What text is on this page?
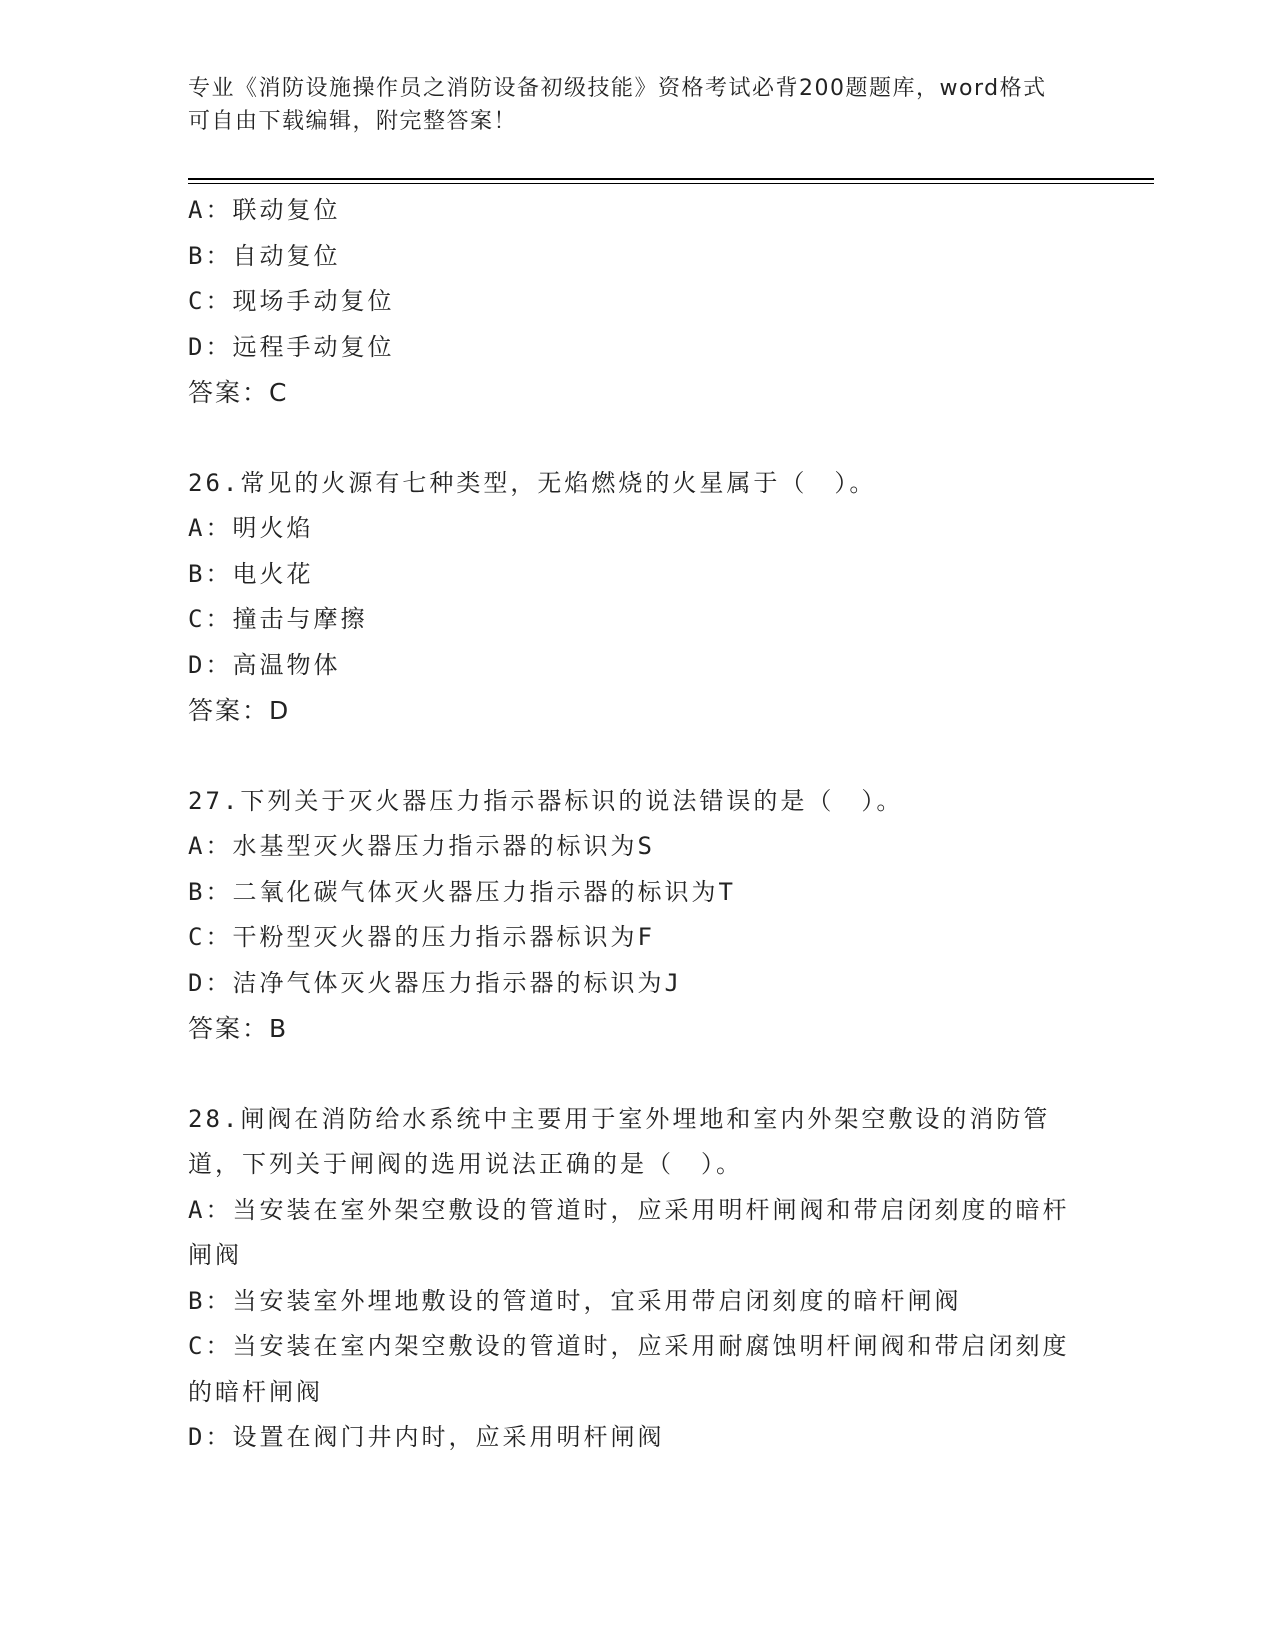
专业《消防设施操作员之消防设备初级技能》资格考试必背200题题库，word格式可自由下载编辑，附完整答案！
A：联动复位
B：自动复位
C：现场手动复位
D：远程手动复位
答案：C
26.常见的火源有七种类型，无焰燃烧的火星属于（　）。
A：明火焰
B：电火花
C：撞击与摩擦
D：高温物体
答案：D
27.下列关于灭火器压力指示器标识的说法错误的是（　）。
A：水基型灭火器压力指示器的标识为S
B：二氧化碳气体灭火器压力指示器的标识为T
C：干粉型灭火器的压力指示器标识为F
D：洁净气体灭火器压力指示器的标识为J
答案：B
28.闸阀在消防给水系统中主要用于室外埋地和室内外架空敷设的消防管道，下列关于闸阀的选用说法正确的是（　）。
A：当安装在室外架空敷设的管道时，应采用明杆闸阀和带启闭刻度的暗杆闸阀
B：当安装室外埋地敷设的管道时，宜采用带启闭刻度的暗杆闸阀
C：当安装在室内架空敷设的管道时，应采用耐腐蚀明杆闸阀和带启闭刻度的暗杆闸阀
D：设置在阀门井内时，应采用明杆闸阀
